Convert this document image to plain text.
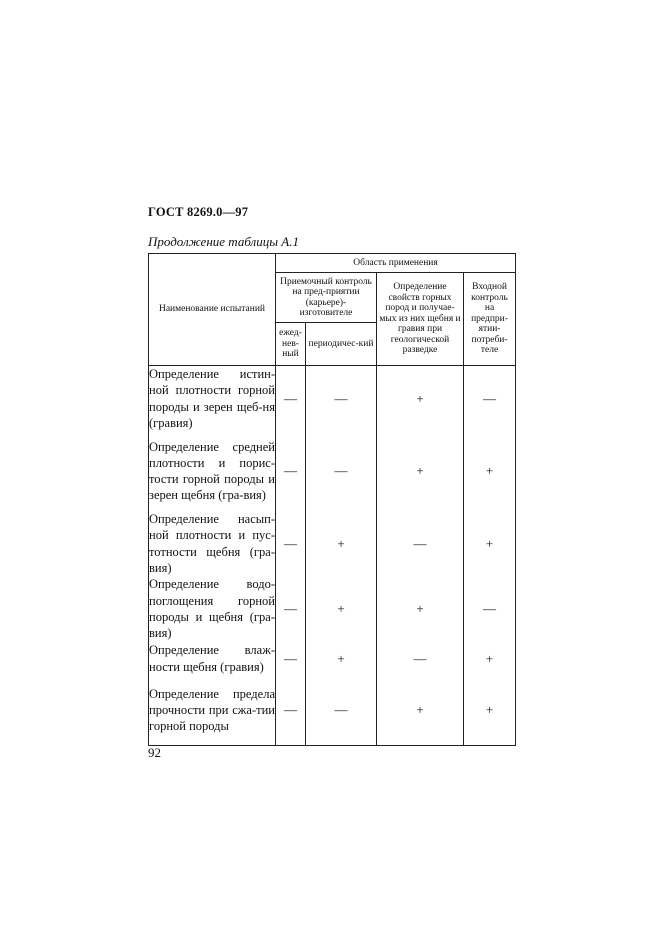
ГОСТ 8269.0—97
Продолжение таблицы А.1
Наименование испытаний	Область применения			
	Приемочный контроль на пред-приятии (карьере)-изготовителе		Определение свойств горных пород и получае-мых из них щебня и гравия при геологической разведке	Входной контроль на предпри-ятии-потреби-теле
	ежед-нев-ный	периодичес-кий		
Определение истин-ной плотности горной породы и зерен щеб-ня (гравия)	—	—	+	—
Определение средней плотности и порис-тости горной породы и зерен щебня (гра-вия)	—	—	+	+
Определение насып-ной плотности и пус-тотности щебня (гра-вия)	—	+	—	+
Определение водо-поглощения горной породы и щебня (гра-вия)	—	+	+	—
Определение влаж-ности щебня (гравия)	—	+	—	+
Определение предела прочности при сжа-тии горной породы	—	—	+	+
92
